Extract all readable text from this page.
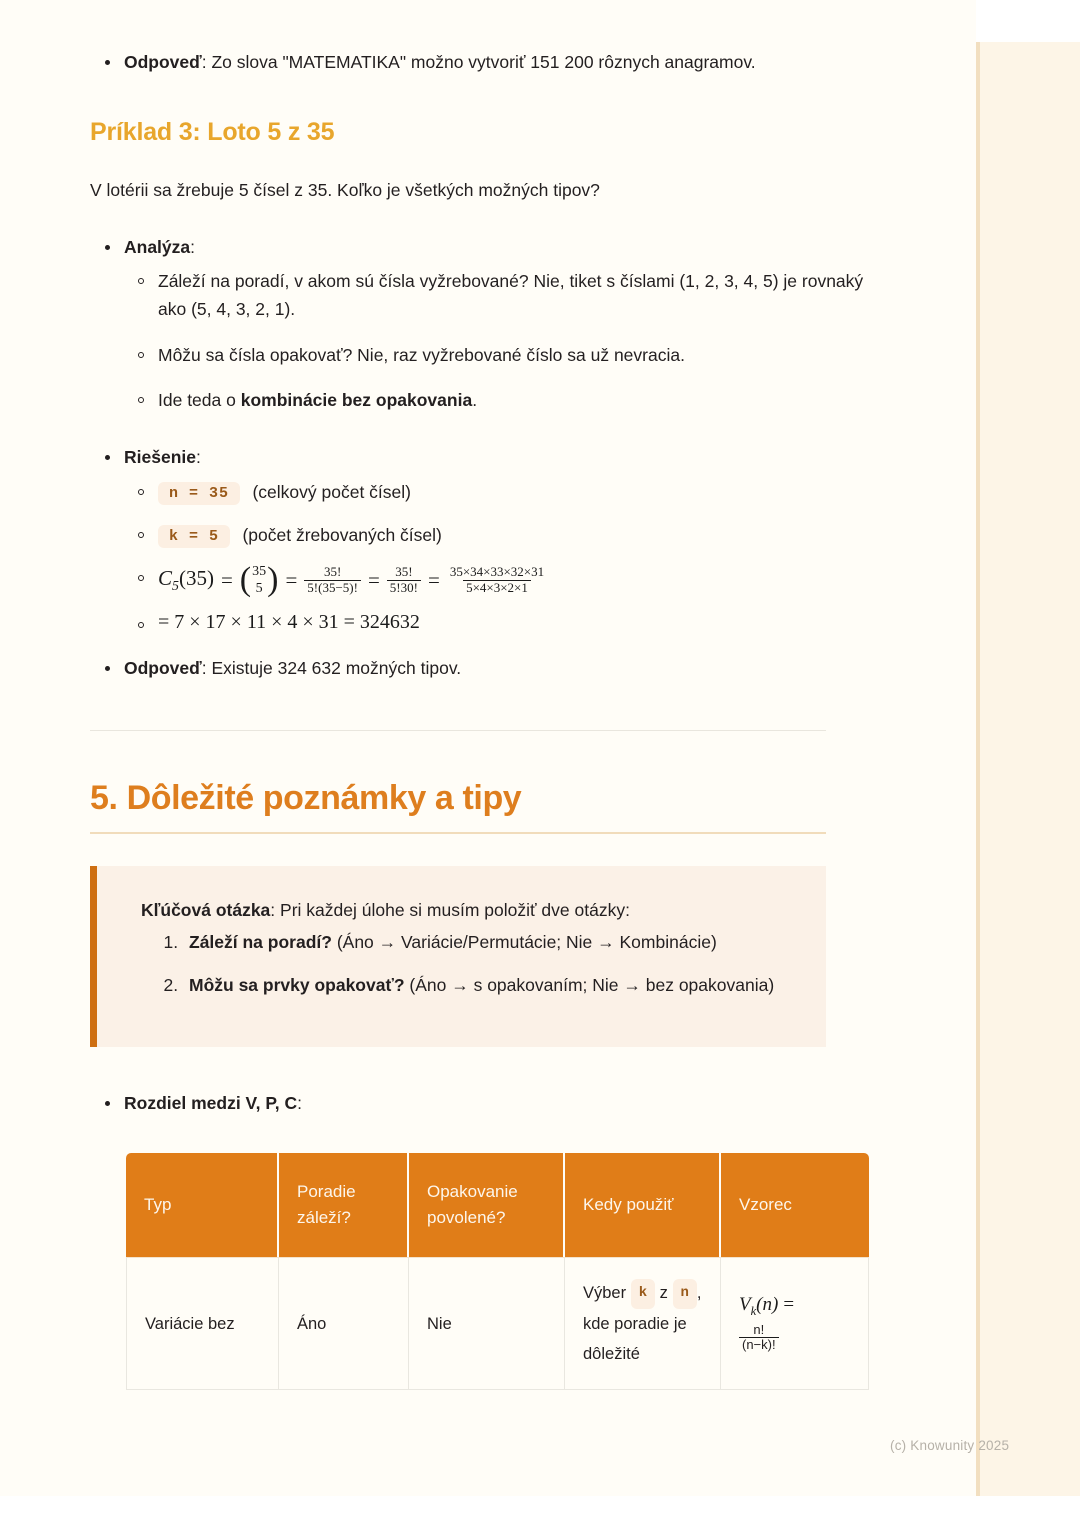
Odpoveď: Zo slova "MATEMATIKA" možno vytvoriť 151 200 rôznych anagramov.
Príklad 3: Loto 5 z 35
V lotérii sa žrebuje 5 čísel z 35. Koľko je všetkých možných tipov?
Analýza:
Záleží na poradí, v akom sú čísla vyžrebované? Nie, tiket s číslami (1, 2, 3, 4, 5) je rovnaký ako (5, 4, 3, 2, 1).
Môžu sa čísla opakovať? Nie, raz vyžrebované číslo sa už nevracia.
Ide teda o kombinácie bez opakovania.
Riešenie:
n = 35 (celkový počet čísel)
k = 5 (počet žrebovaných čísel)
$C_5(35)$ = ( 35
5 ) = $\frac{35!}{5!(35-5)!} = \frac{35!}{5!30!} = \frac{35\times 34\times 33\times 32\times 31}{5\times 4\times 3\times 2\times 1}$
= 7 × 17 × 11 × 4 × 31 = 324632
Odpoveď: Existuje 324 632 možných tipov.
5. Dôležité poznámky a tipy
Kľúčová otázka: Pri každej úlohe si musím položiť dve otázky:
1. Záleží na poradí? (Áno → Variácie/Permutácie; Nie → Kombinácie)
2. Môžu sa prvky opakovať? (Áno → s opakovaním; Nie → bez opakovania)
Rozdiel medzi V, P, C:
Typ	Poradie záleží?	Opakovanie povolené?	Kedy použiť	Vzorec
Variácie bez	Áno	Nie	Výber k z n , kde poradie je dôležité	$V_k(n)$ =
$\frac{n!}{(n-k)!}$
(c) Knowunity 2025
